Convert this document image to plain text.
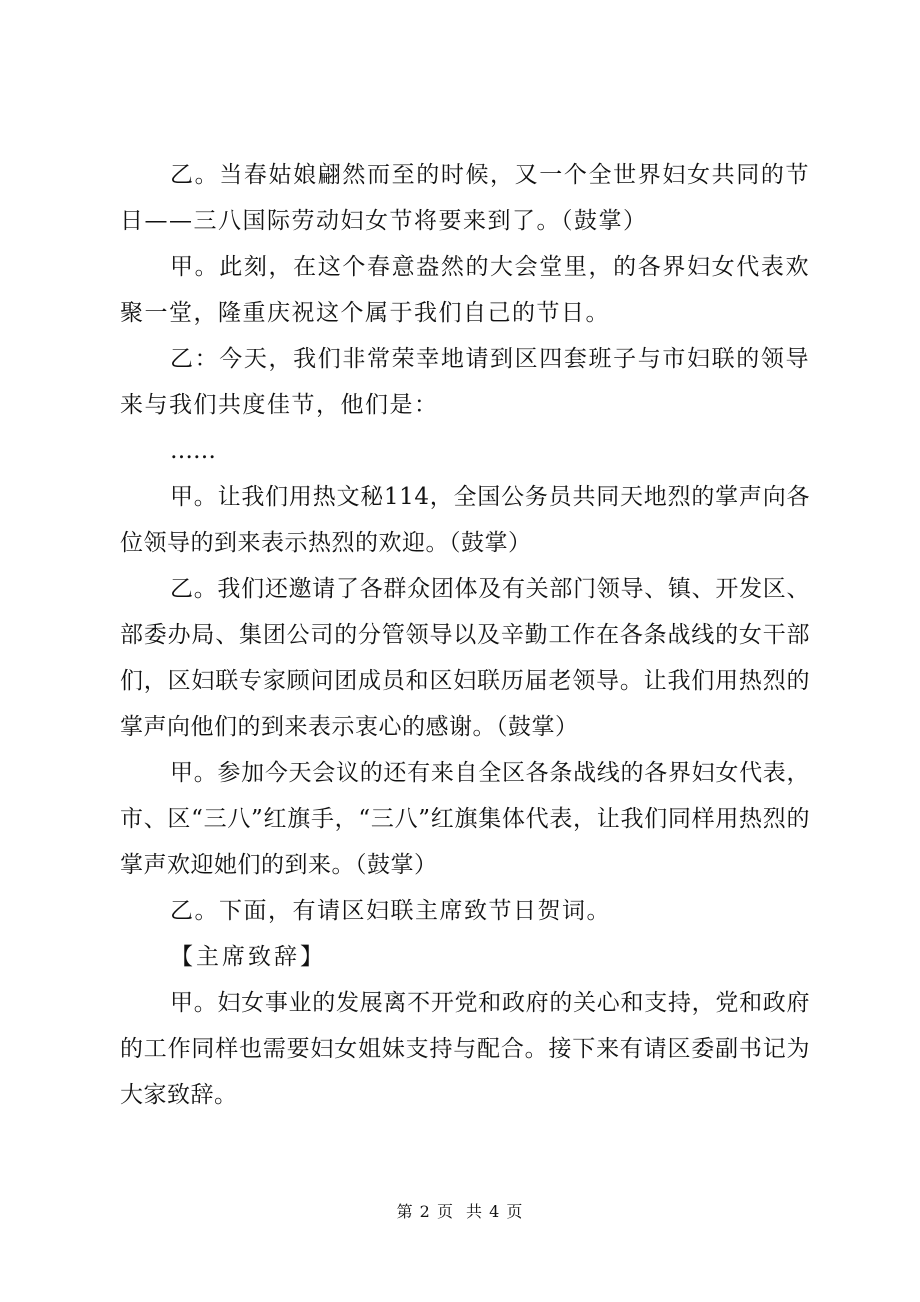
乙。当春姑娘翩然而至的时候，又一个全世界妇女共同的节日——三八国际劳动妇女节将要来到了。（鼓掌）

甲。此刻，在这个春意盎然的大会堂里，的各界妇女代表欢聚一堂，隆重庆祝这个属于我们自己的节日。

乙：今天，我们非常荣幸地请到区四套班子与市妇联的领导来与我们共度佳节，他们是：

……

甲。让我们用热文秘114，全国公务员共同天地烈的掌声向各位领导的到来表示热烈的欢迎。（鼓掌）

乙。我们还邀请了各群众团体及有关部门领导、镇、开发区、部委办局、集团公司的分管领导以及辛勤工作在各条战线的女干部们，区妇联专家顾问团成员和区妇联历届老领导。让我们用热烈的掌声向他们的到来表示衷心的感谢。（鼓掌）

甲。参加今天会议的还有来自全区各条战线的各界妇女代表，市、区“三八”红旗手，“三八”红旗集体代表，让我们同样用热烈的掌声欢迎她们的到来。（鼓掌）

乙。下面，有请区妇联主席致节日贺词。

【主席致辞】

甲。妇女事业的发展离不开党和政府的关心和支持，党和政府的工作同样也需要妇女姐妹支持与配合。接下来有请区委副书记为大家致辞。

第 2 页 共 4 页
